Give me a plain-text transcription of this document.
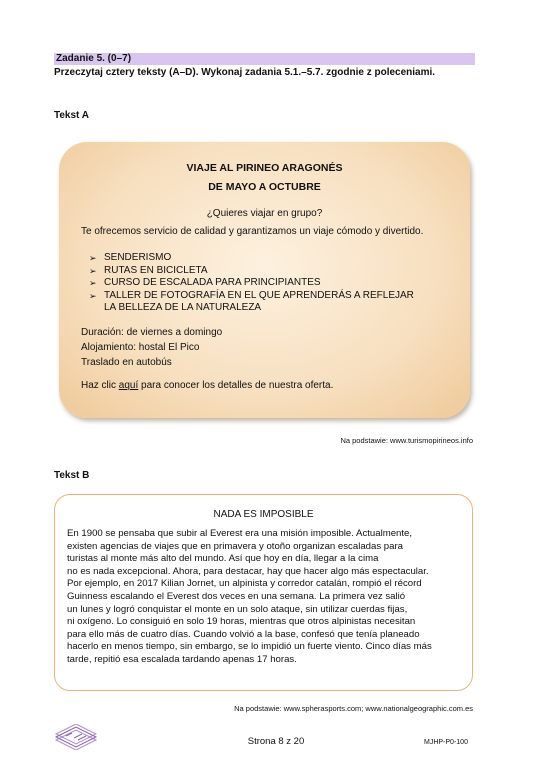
Zadanie 5. (0–7)
Przeczytaj cztery teksty (A–D). Wykonaj zadania 5.1.–5.7. zgodnie z poleceniami.
Tekst A
VIAJE AL PIRINEO ARAGONÉS
DE MAYO A OCTUBRE
¿Quieres viajar en grupo?
Te ofrecemos servicio de calidad y garantizamos un viaje cómodo y divertido.
➢ SENDERISMO
➢ RUTAS EN BICICLETA
➢ CURSO DE ESCALADA PARA PRINCIPIANTES
➢ TALLER DE FOTOGRAFÍA EN EL QUE APRENDERÁS A REFLEJAR
LA BELLEZA DE LA NATURALEZA
Duración: de viernes a domingo
Alojamiento: hostal El Pico
Traslado en autobús
Haz clic aquí para conocer los detalles de nuestra oferta.
Na podstawie: www.turismopirineos.info
Tekst B
NADA ES IMPOSIBLE
En 1900 se pensaba que subir al Everest era una misión imposible. Actualmente,
existen agencias de viajes que en primavera y otoño organizan escaladas para
turistas al monte más alto del mundo. Así que hoy en día, llegar a la cima
no es nada excepcional. Ahora, para destacar, hay que hacer algo más espectacular.
Por ejemplo, en 2017 Kilian Jornet, un alpinista y corredor catalán, rompió el récord
Guinness escalando el Everest dos veces en una semana. La primera vez salió
un lunes y logró conquistar el monte en un solo ataque, sin utilizar cuerdas fijas,
ni oxígeno. Lo consiguió en solo 19 horas, mientras que otros alpinistas necesitan
para ello más de cuatro días. Cuando volvió a la base, confesó que tenía planeado
hacerlo en menos tiempo, sin embargo, se lo impidió un fuerte viento. Cinco días más
tarde, repitió esa escalada tardando apenas 17 horas.
Na podstawie: www.spherasports.com; www.nationalgeographic.com.es
Strona 8 z 20	MJHP-P0-100
